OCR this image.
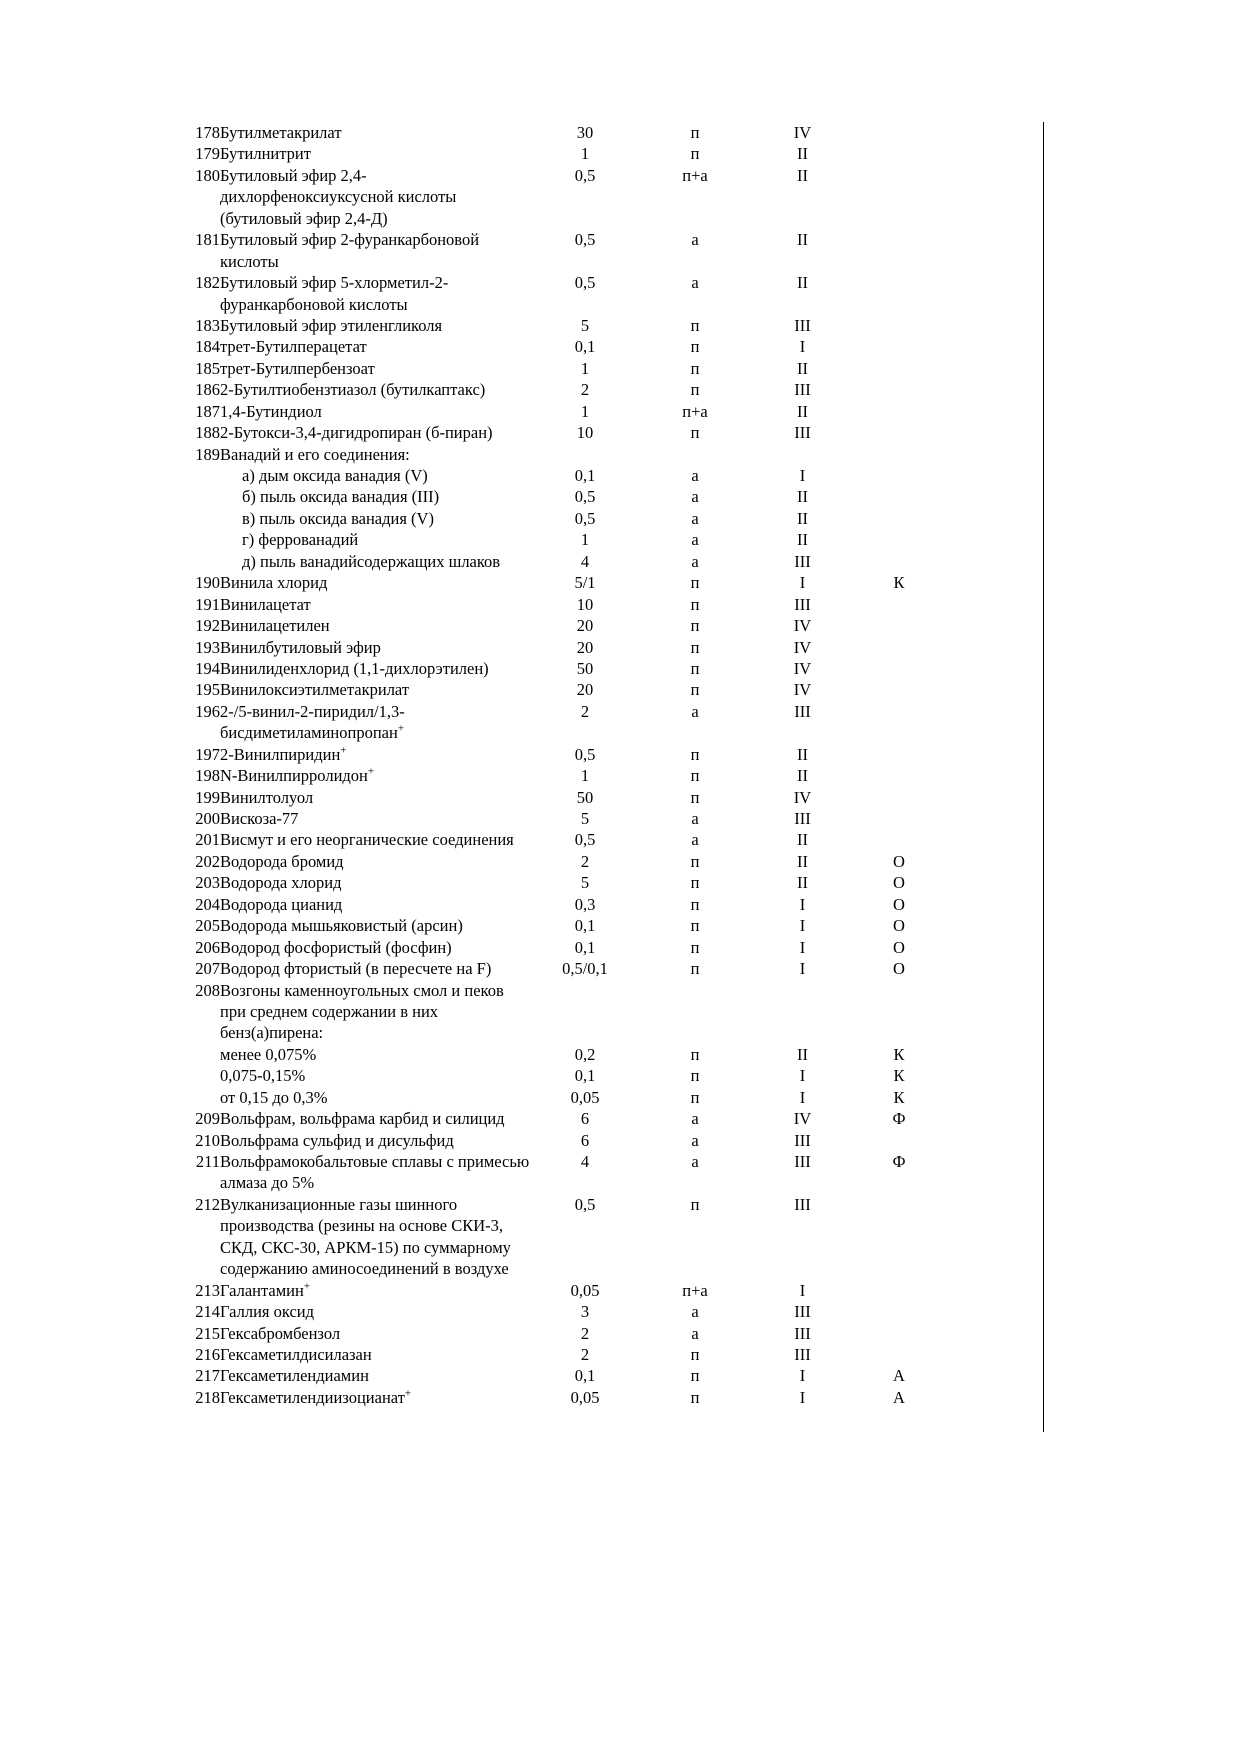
178	Бутилметакрилат	30	п	IV	
179	Бутилнитрит	1	п	II	
180	Бутиловый эфир 2,4-дихлорфеноксиуксусной кислоты (бутиловый эфир 2,4-Д)	0,5	п+а	II	
181	Бутиловый эфир 2-фуранкарбоновой кислоты	0,5	а	II	
182	Бутиловый эфир 5-хлорметил-2-фуранкарбоновой кислоты	0,5	а	II	
183	Бутиловый эфир этиленгликоля	5	п	III	
184	трет-Бутилперацетат	0,1	п	I	
185	трет-Бутилпербензоат	1	п	II	
186	2-Бутилтиобензтиазол (бутилкаптакс)	2	п	III	
187	1,4-Бутиндиол	1	п+а	II	
188	2-Бутокси-3,4-дигидропиран (б-пиран)	10	п	III	
189	Ванадий и его соединения:				
	а) дым оксида ванадия (V)	0,1	а	I	
	б) пыль оксида ванадия (III)	0,5	а	II	
	в) пыль оксида ванадия (V)	0,5	а	II	
	г) феррованадий	1	а	II	
	д) пыль ванадийсодержащих шлаков	4	а	III	
190	Винила хлорид	5/1	п	I	К
191	Винилацетат	10	п	III	
192	Винилацетилен	20	п	IV	
193	Винилбутиловый эфир	20	п	IV	
194	Винилиденхлорид (1,1-дихлорэтилен)	50	п	IV	
195	Винилоксиэтилметакрилат	20	п	IV	
196	2-/5-винил-2-пиридил/1,3-бисдиметиламинопропан+	2	а	III	
197	2-Винилпиридин+	0,5	п	II	
198	N-Винилпирролидон+	1	п	II	
199	Винилтолуол	50	п	IV	
200	Вискоза-77	5	а	III	
201	Висмут и его неорганические соединения	0,5	а	II	
202	Водорода бромид	2	п	II	О
203	Водорода хлорид	5	п	II	О
204	Водорода цианид	0,3	п	I	О
205	Водорода мышьяковистый (арсин)	0,1	п	I	О
206	Водород фосфористый (фосфин)	0,1	п	I	О
207	Водород фтористый (в пересчете на F)	0,5/0,1	п	I	О
208	Возгоны каменноугольных смол и пеков при среднем содержании в них бенз(а)пирена:				
	менее 0,075%	0,2	п	II	К
	0,075-0,15%	0,1	п	I	К
	от 0,15 до 0,3%	0,05	п	I	К
209	Вольфрам, вольфрама карбид и силицид	6	а	IV	Ф
210	Вольфрама сульфид и дисульфид	6	а	III	
211	Вольфрамокобальтовые сплавы с примесью алмаза до 5%	4	а	III	Ф
212	Вулканизационные газы шинного производства (резины на основе СКИ-3, СКД, СКС-30, АРКМ-15) по суммарному содержанию аминосоединений в воздухе	0,5	п	III	
213	Галантамин+	0,05	п+а	I	
214	Галлия оксид	3	а	III	
215	Гексабромбензол	2	а	III	
216	Гексаметилдисилазан	2	п	III	
217	Гексаметилендиамин	0,1	п	I	А
218	Гексаметилендиизоцианат+	0,05	п	I	А
